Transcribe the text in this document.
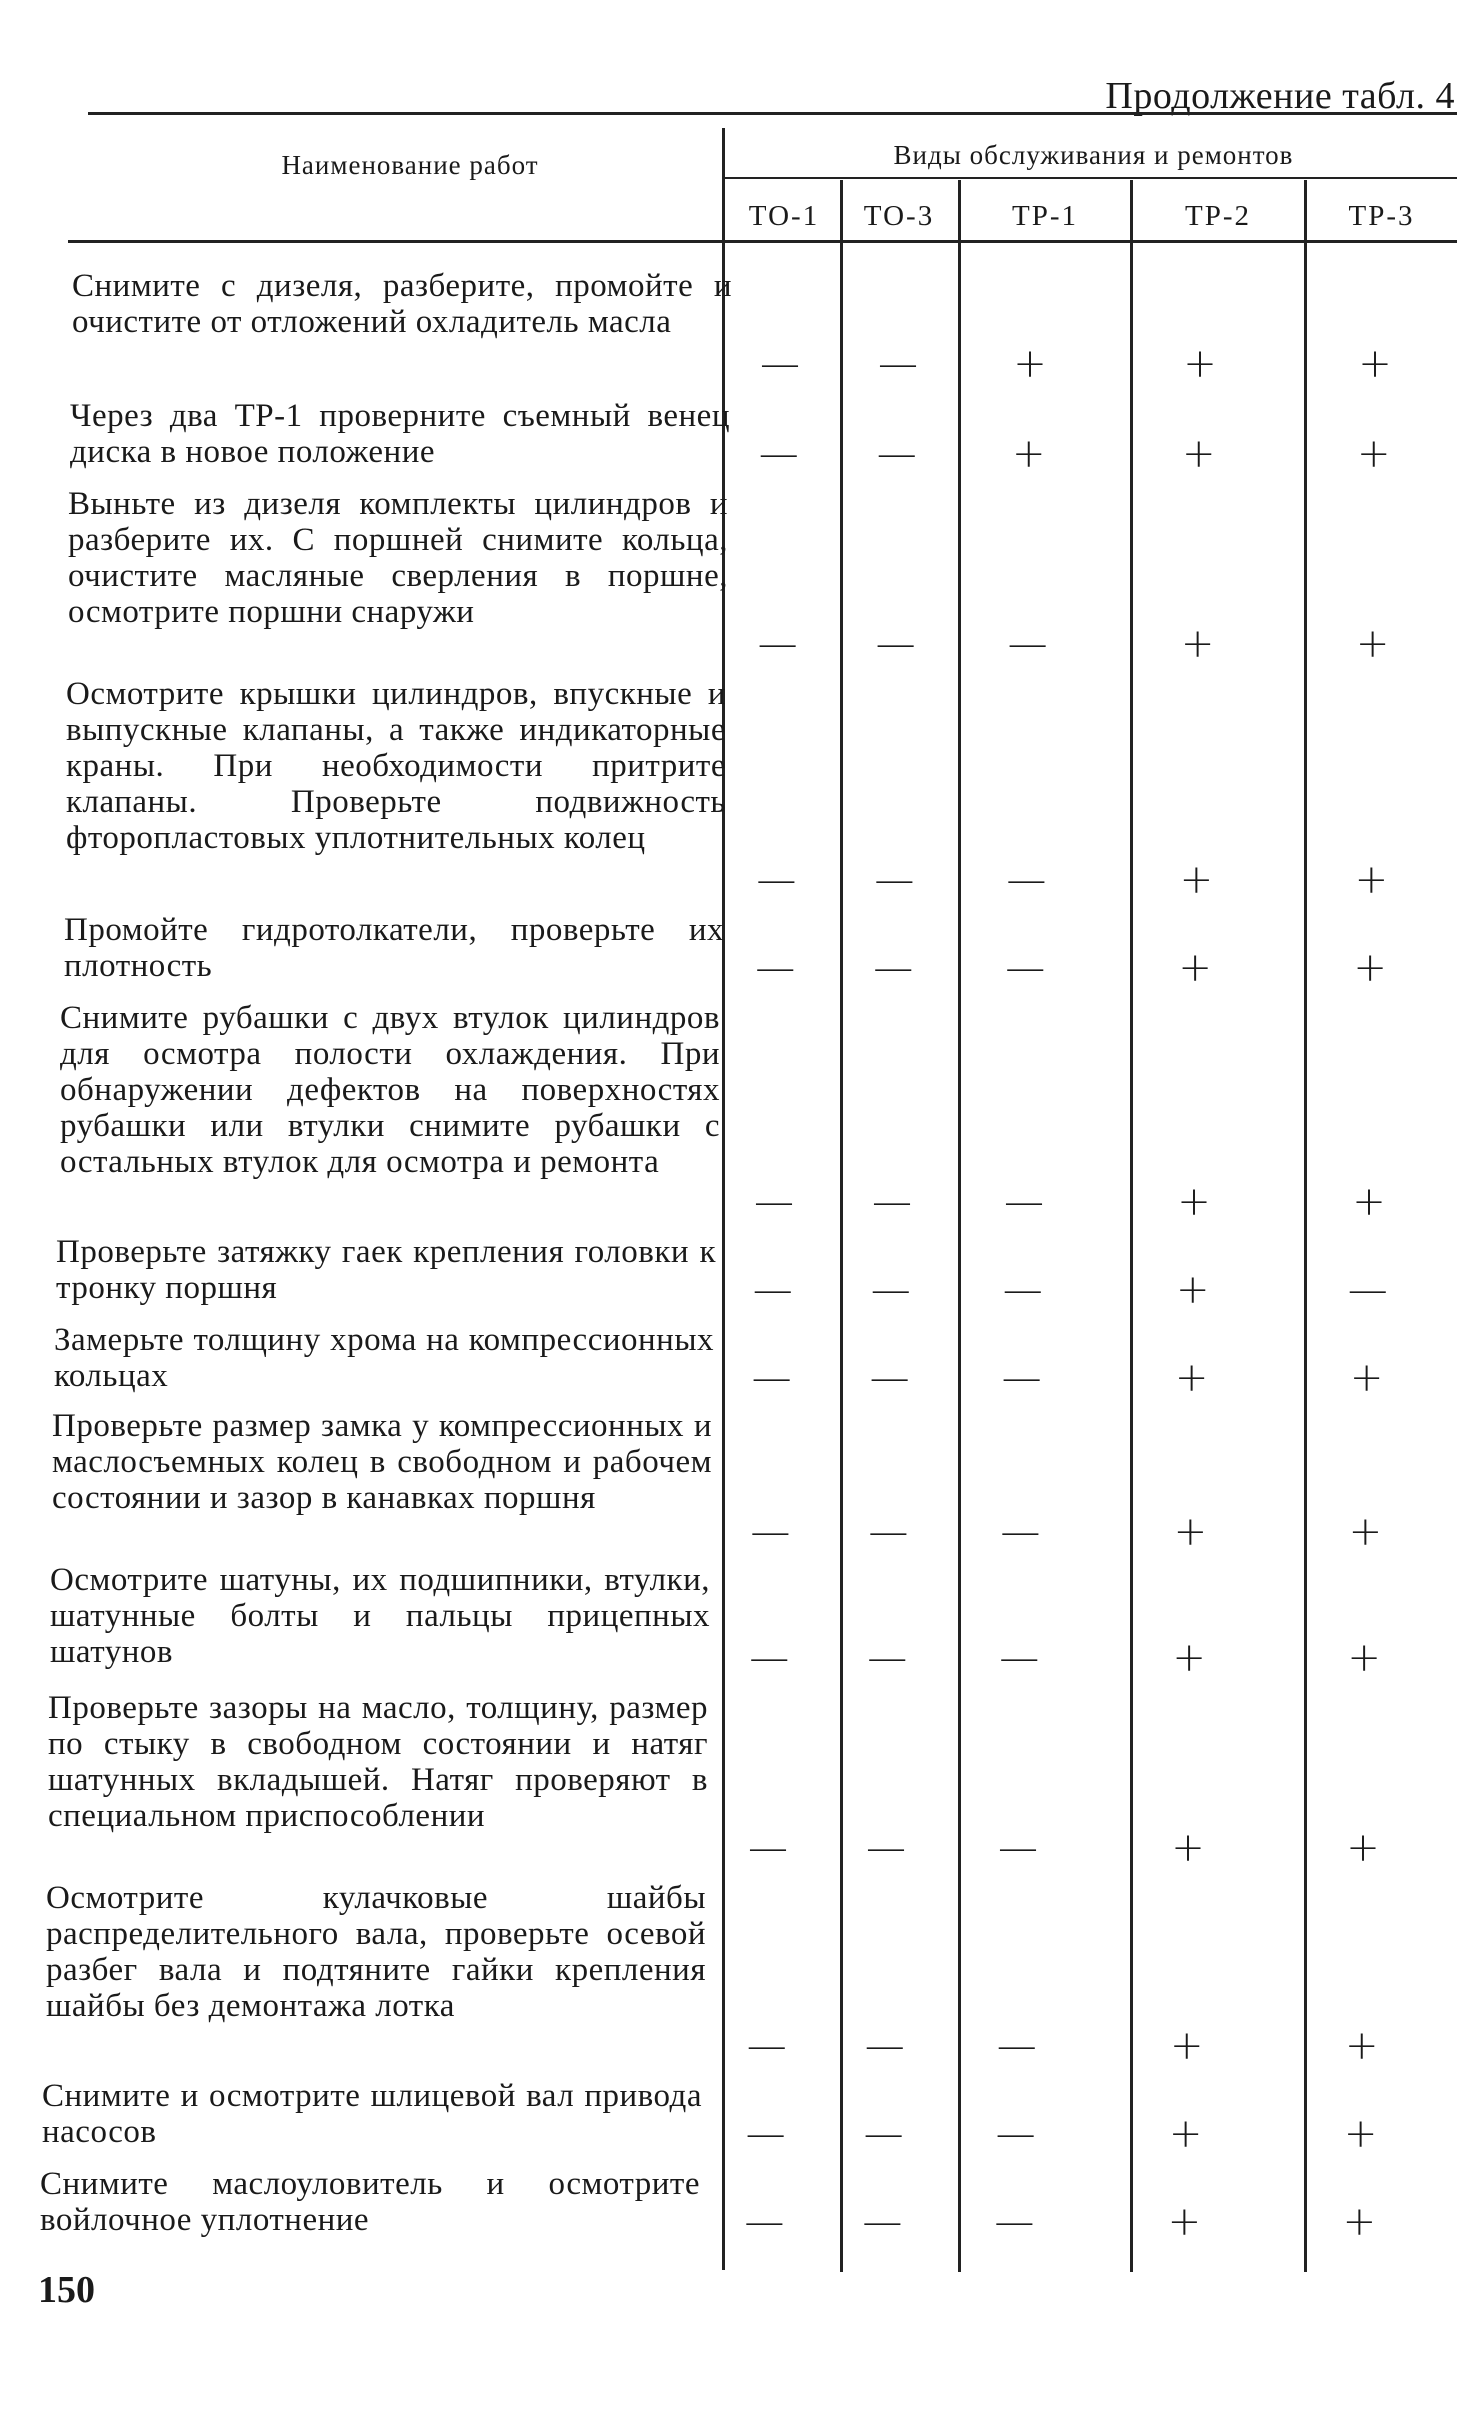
Продолжение табл. 4
Наименование работ	Виды обслуживания и ремонтов
ТО-1	ТО-3	ТР-1	ТР-2	ТР-3
Снимите с дизеля, разберите, промойте и очистите от отложений охладитель масла
— —	+	+	+
Через два ТР-1 проверните съемный венец диска в новое положение	— —	+	+	+
Выньте из дизеля комплекты цилиндров и разберите их. С поршней снимите кольца, очистите масляные сверления в поршне, осмотрите поршни снаружи
— — —	+	+
Осмотрите крышки цилиндров, впускные и выпускные клапаны, а также индикаторные краны. При необходимости притрите клапаны. Проверьте подвижность фторопластовых уплотнительных колец
— — —	+	+
Промойте гидротолкатели, проверьте их плотность	— — —	+	+
Снимите рубашки с двух втулок цилиндров для осмотра полости охлаждения. При обнаружении дефектов на поверхностях рубашки или втулки снимите рубашки с остальных втулок для осмотра и ремонта
— — —	+	+
Проверьте затяжку гаек крепления головки к тронку поршня	— — —	+	—
Замерьте толщину хрома на компрессионных кольцах	— — —	+	+
Проверьте размер замка у компрессионных и маслосъемных колец в свободном и рабочем состоянии и зазор в канавках поршня
— — —	+	+
Осмотрите шатуны, их подшипники, втулки, шатунные болты и пальцы прицепных шатунов	— — —	+	+
Проверьте зазоры на масло, толщину, размер по стыку в свободном состоянии и натяг шатунных вкладышей. Натяг проверяют в специальном приспособлении
— — —	+	+
Осмотрите кулачковые шайбы распределительного вала, проверьте осевой разбег вала и подтяните гайки крепления шайбы без демонтажа лотка
— — —	+	+
Снимите и осмотрите шлицевой вал привода насосов	— — —	+	+
Снимите маслоуловитель и осмотрите войлочное уплотнение	— — —	+	+
150
